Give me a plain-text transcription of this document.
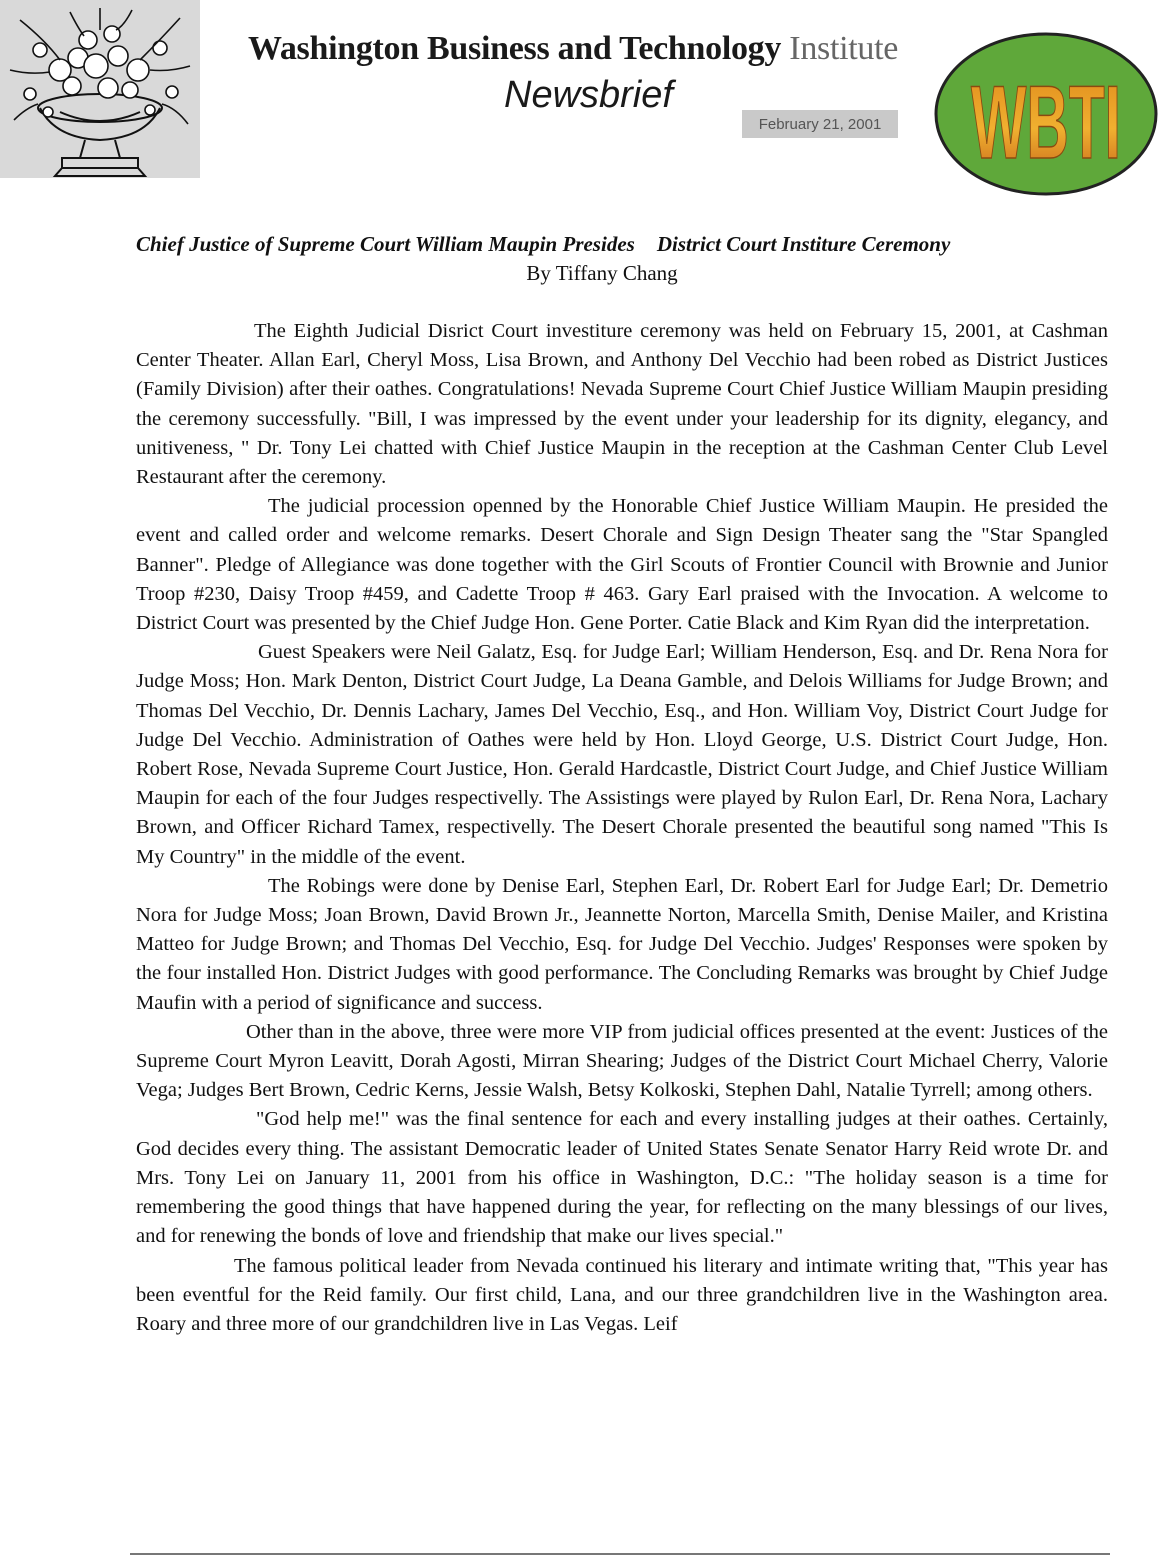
Washington Business and Technology Institute
Newsbrief
February 21, 2001 WBTI
Chief Justice of Supreme Court William Maupin Presides District Court Institure Ceremony
By Tiffany Chang

The Eighth Judicial Disrict Court investiture ceremony was held on February 15, 2001, at Cashman Center Theater. Allan Earl, Cheryl Moss, Lisa Brown, and Anthony Del Vecchio had been robed as District Justices (Family Division) after their oathes. Congratulations! Nevada Supreme Court Chief Justice William Maupin presiding the ceremony successfully. "Bill, I was impressed by the event under your leadership for its dignity, elegancy, and unitiveness, " Dr. Tony Lei chatted with Chief Justice Maupin in the reception at the Cashman Center Club Level Restaurant after the ceremony.

The judicial procession openned by the Honorable Chief Justice William Maupin. He presided the event and called order and welcome remarks. Desert Chorale and Sign Design Theater sang the "Star Spangled Banner". Pledge of Allegiance was done together with the Girl Scouts of Frontier Council with Brownie and Junior Troop #230, Daisy Troop #459, and Cadette Troop # 463. Gary Earl praised with the Invocation. A welcome to District Court was presented by the Chief Judge Hon. Gene Porter. Catie Black and Kim Ryan did the interpretation.

Guest Speakers were Neil Galatz, Esq. for Judge Earl; William Henderson, Esq. and Dr. Rena Nora for Judge Moss; Hon. Mark Denton, District Court Judge, La Deana Gamble, and Delois Williams for Judge Brown; and Thomas Del Vecchio, Dr. Dennis Lachary, James Del Vecchio, Esq., and Hon. William Voy, District Court Judge for Judge Del Vecchio. Administration of Oathes were held by Hon. Lloyd George, U.S. District Court Judge, Hon. Robert Rose, Nevada Supreme Court Justice, Hon. Gerald Hardcastle, District Court Judge, and Chief Justice William Maupin for each of the four Judges respectivelly. The Assistings were played by Rulon Earl, Dr. Rena Nora, Lachary Brown, and Officer Richard Tamex, respectivelly. The Desert Chorale presented the beautiful song named "This Is My Country" in the middle of the event.

The Robings were done by Denise Earl, Stephen Earl, Dr. Robert Earl for Judge Earl; Dr. Demetrio Nora for Judge Moss; Joan Brown, David Brown Jr., Jeannette Norton, Marcella Smith, Denise Mailer, and Kristina Matteo for Judge Brown; and Thomas Del Vecchio, Esq. for Judge Del Vecchio. Judges' Responses were spoken by the four installed Hon. District Judges with good performance. The Concluding Remarks was brought by Chief Judge Maufin with a period of significance and success.

Other than in the above, three were more VIP from judicial offices presented at the event: Justices of the Supreme Court Myron Leavitt, Dorah Agosti, Mirran Shearing; Judges of the District Court Michael Cherry, Valorie Vega; Judges Bert Brown, Cedric Kerns, Jessie Walsh, Betsy Kolkoski, Stephen Dahl, Natalie Tyrrell; among others.

"God help me!" was the final sentence for each and every installing judges at their oathes. Certainly, God decides every thing. The assistant Democratic leader of United States Senate Senator Harry Reid wrote Dr. and Mrs. Tony Lei on January 11, 2001 from his office in Washington, D.C.: "The holiday season is a time for remembering the good things that have happened during the year, for reflecting on the many blessings of our lives, and for renewing the bonds of love and friendship that make our lives special."

The famous political leader from Nevada continued his literary and intimate writing that, "This year has been eventful for the Reid family. Our first child, Lana, and our three grandchildren live in the Washington area. Roary and three more of our grandchildren live in Las Vegas. Leif
